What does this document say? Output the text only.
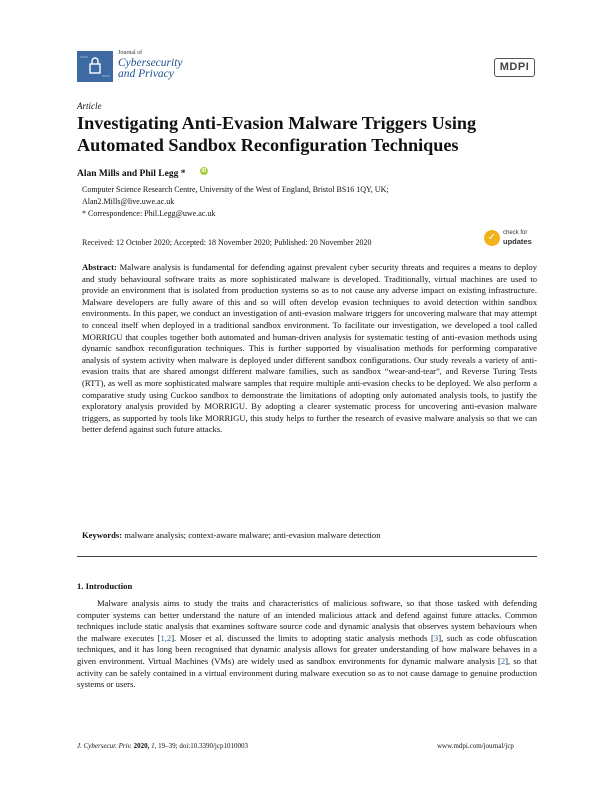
Journal of
Cybersecurity
and Privacy
MDPI
Article
Investigating Anti-Evasion Malware Triggers Using Automated Sandbox Reconfiguration Techniques
Alan Mills and Phil Legg *	iD
Computer Science Research Centre, University of the West of England, Bristol BS16 1QY, UK;
Alan2.Mills@live.uwe.ac.uk
* Correspondence: Phil.Legg@uwe.ac.uk
✓	check for
updates
Received: 12 October 2020; Accepted: 18 November 2020; Published: 20 November 2020
Abstract: Malware analysis is fundamental for defending against prevalent cyber security threats and requires a means to deploy and study behavioural software traits as more sophisticated malware is developed. Traditionally, virtual machines are used to provide an environment that is isolated from production systems so as to not cause any adverse impact on existing infrastructure. Malware developers are fully aware of this and so will often develop evasion techniques to avoid detection within sandbox environments. In this paper, we conduct an investigation of anti-evasion malware triggers for uncovering malware that may attempt to conceal itself when deployed in a traditional sandbox environment. To facilitate our investigation, we developed a tool called MORRIGU that couples together both automated and human-driven analysis for systematic testing of anti-evasion methods using dynamic sandbox reconfiguration techniques. This is further supported by visualisation methods for performing comparative analysis of system activity when malware is deployed under different sandbox configurations. Our study reveals a variety of anti-evasion traits that are shared amongst different malware families, such as sandbox “wear-and-tear”, and Reverse Turing Tests (RTT), as well as more sophisticated malware samples that require multiple anti-evasion checks to be deployed. We also perform a comparative study using Cuckoo sandbox to demonstrate the limitations of adopting only automated analysis tools, to justify the exploratory analysis provided by MORRIGU. By adopting a clearer systematic process for uncovering anti-evasion malware triggers, as supported by tools like MORRIGU, this study helps to further the research of evasive malware analysis so that we can better defend against such future attacks.
Keywords: malware analysis; context-aware malware; anti-evasion malware detection
1. Introduction
Malware analysis aims to study the traits and characteristics of malicious software, so that those tasked with defending computer systems can better understand the nature of an intended malicious attack and defend against future attacks. Common techniques include static analysis that examines software source code and dynamic analysis that observes system behaviours when the malware executes [1,2]. Moser et al. discussed the limits to adopting static analysis methods [3], such as code obfuscation techniques, and it has long been recognised that dynamic analysis allows for greater understanding of how malware behaves in a given environment. Virtual Machines (VMs) are widely used as sandbox environments for dynamic malware analysis [2], so that activity can be safely contained in a virtual environment during malware execution so as to not cause damage to genuine production systems or users.
J. Cybersecur. Priv. 2020, 1, 19–39; doi:10.3390/jcp1010003	www.mdpi.com/journal/jcp
